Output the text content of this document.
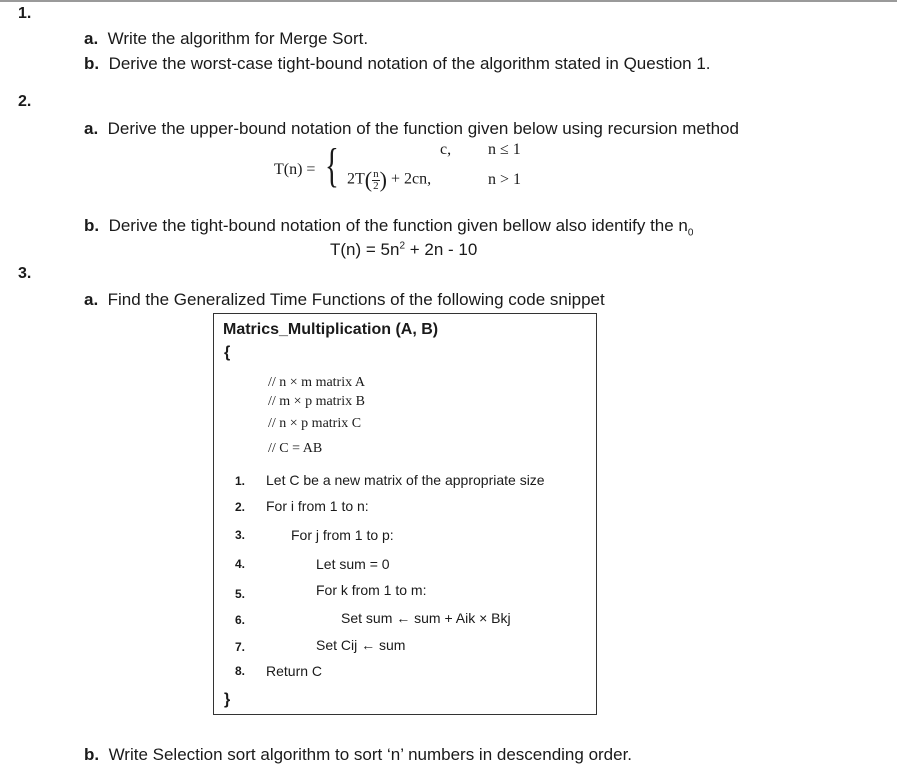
1.
a. Write the algorithm for Merge Sort.
b. Derive the worst-case tight-bound notation of the algorithm stated in Question 1.
2.
a. Derive the upper-bound notation of the function given below using recursion method
T(n) = {	c, n ≤ 1
$2T( \frac{n}{2}$ ) + 2cn,	n > 1
b. Derive the tight-bound notation of the function given bellow also identify the $n_0$
$T(n) = 5n^2 + 2n - 10$
3.
a. Find the Generalized Time Functions of the following code snippet
Matrics_Multiplication (A, B)
{
// n × m matrix A
// m × p matrix B
// n × p matrix C
// C = AB
1. Let C be a new matrix of the appropriate size
2. For i from 1 to n:
3.	For j from 1 to p:
4.	Let sum = 0
5.	For k from 1 to m:
6.	Set sum ← sum + Aik × Bkj
7.	Set Cij ← sum
8. Return C
}
b. Write Selection sort algorithm to sort ‘n’ numbers in descending order.
